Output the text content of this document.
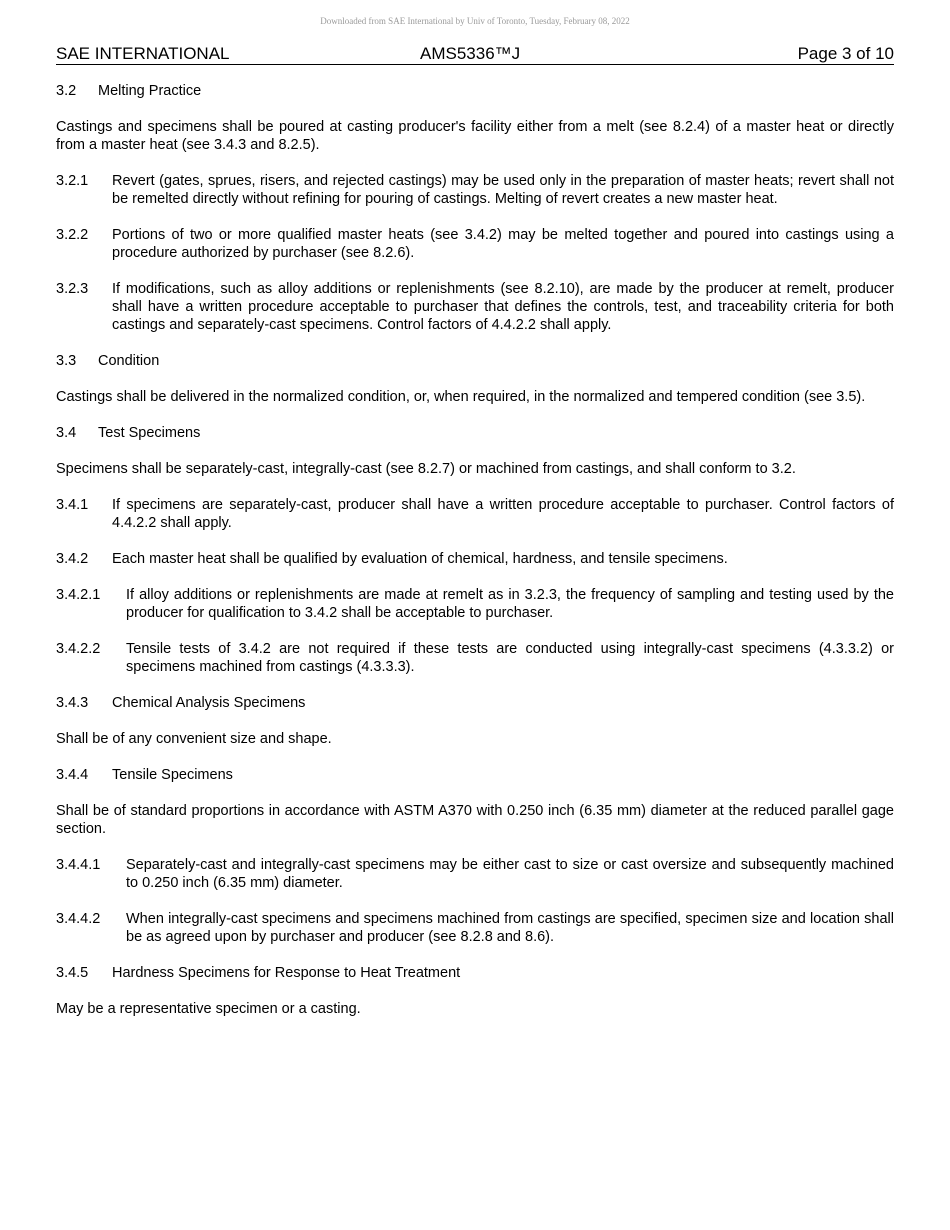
Downloaded from SAE International by Univ of Toronto, Tuesday, February 08, 2022
SAE INTERNATIONAL	AMS5336™J	Page 3 of 10
3.2	Melting Practice
Castings and specimens shall be poured at casting producer's facility either from a melt (see 8.2.4) of a master heat or directly from a master heat (see 3.4.3 and 8.2.5).
3.2.1	Revert (gates, sprues, risers, and rejected castings) may be used only in the preparation of master heats; revert shall not be remelted directly without refining for pouring of castings. Melting of revert creates a new master heat.
3.2.2	Portions of two or more qualified master heats (see 3.4.2) may be melted together and poured into castings using a procedure authorized by purchaser (see 8.2.6).
3.2.3	If modifications, such as alloy additions or replenishments (see 8.2.10), are made by the producer at remelt, producer shall have a written procedure acceptable to purchaser that defines the controls, test, and traceability criteria for both castings and separately-cast specimens. Control factors of 4.4.2.2 shall apply.
3.3	Condition
Castings shall be delivered in the normalized condition, or, when required, in the normalized and tempered condition (see 3.5).
3.4	Test Specimens
Specimens shall be separately-cast, integrally-cast (see 8.2.7) or machined from castings, and shall conform to 3.2.
3.4.1	If specimens are separately-cast, producer shall have a written procedure acceptable to purchaser. Control factors of 4.4.2.2 shall apply.
3.4.2	Each master heat shall be qualified by evaluation of chemical, hardness, and tensile specimens.
3.4.2.1	If alloy additions or replenishments are made at remelt as in 3.2.3, the frequency of sampling and testing used by the producer for qualification to 3.4.2 shall be acceptable to purchaser.
3.4.2.2	Tensile tests of 3.4.2 are not required if these tests are conducted using integrally-cast specimens (4.3.3.2) or specimens machined from castings (4.3.3.3).
3.4.3	Chemical Analysis Specimens
Shall be of any convenient size and shape.
3.4.4	Tensile Specimens
Shall be of standard proportions in accordance with ASTM A370 with 0.250 inch (6.35 mm) diameter at the reduced parallel gage section.
3.4.4.1	Separately-cast and integrally-cast specimens may be either cast to size or cast oversize and subsequently machined to 0.250 inch (6.35 mm) diameter.
3.4.4.2	When integrally-cast specimens and specimens machined from castings are specified, specimen size and location shall be as agreed upon by purchaser and producer (see 8.2.8 and 8.6).
3.4.5	Hardness Specimens for Response to Heat Treatment
May be a representative specimen or a casting.
